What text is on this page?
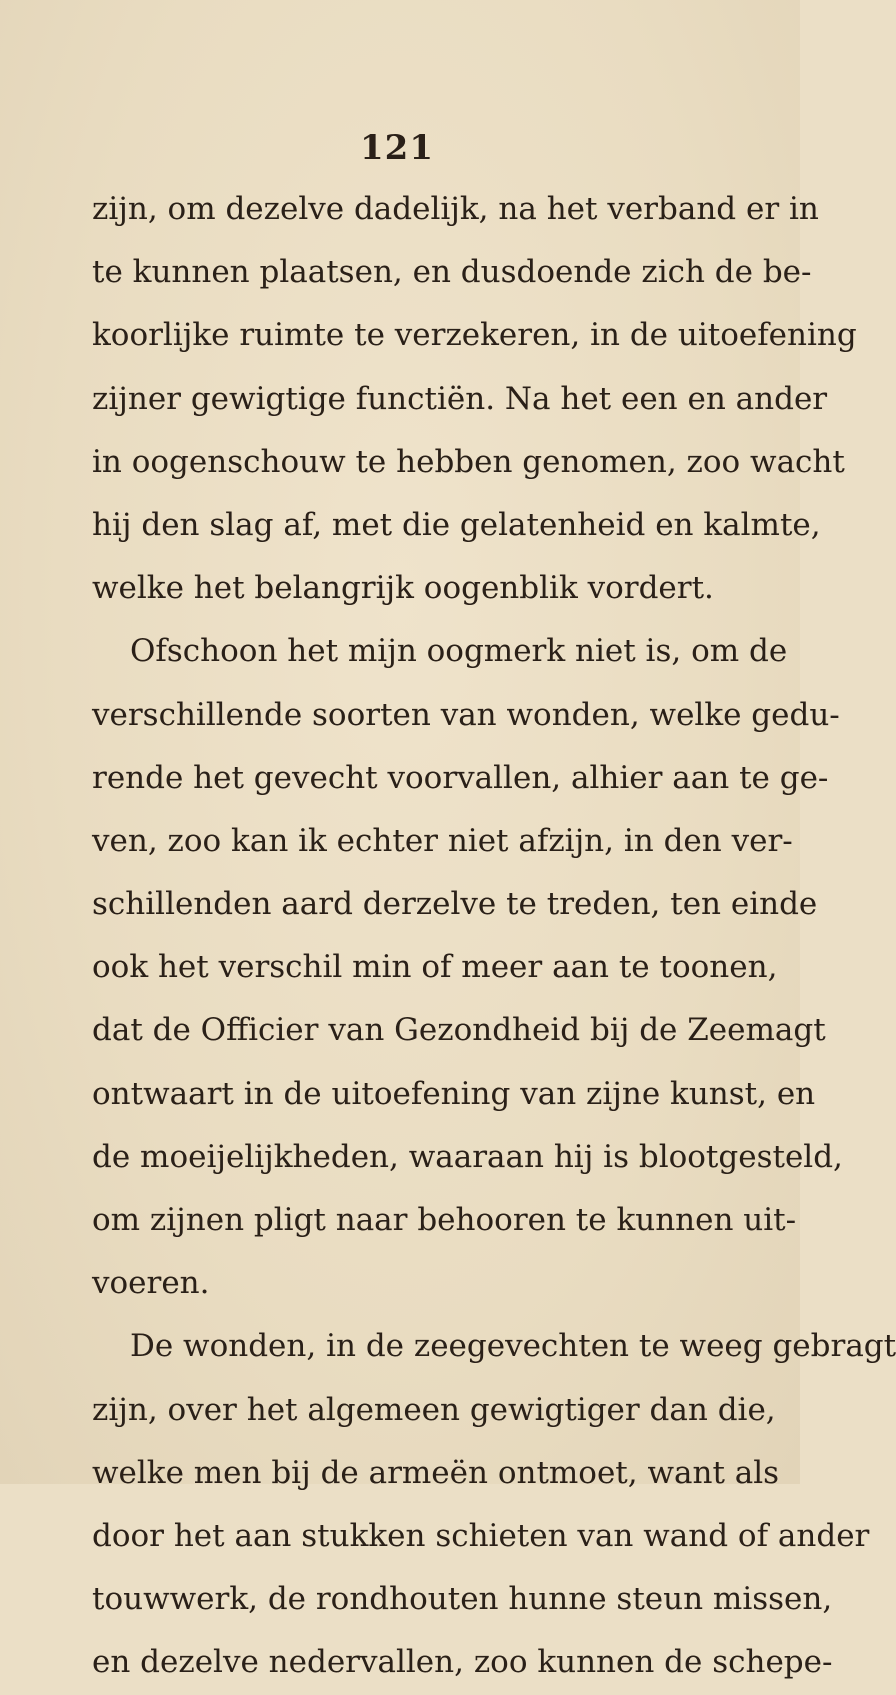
121
zijn, om dezelve dadelijk, na het verband er in
te kunnen plaatsen, en dusdoende zich de be-
koorlijke ruimte te verzekeren, in de uitoefening
zijner gewigtige functiën. Na het een en ander
in oogenschouw te hebben genomen, zoo wacht
hij den slag af, met die gelatenheid en kalmte,
welke het belangrijk oogenblik vordert.
Ofschoon het mijn oogmerk niet is, om de
verschillende soorten van wonden, welke gedu-
rende het gevecht voorvallen, alhier aan te ge-
ven, zoo kan ik echter niet afzijn, in den ver-
schillenden aard derzelve te treden, ten einde
ook het verschil min of meer aan te toonen,
dat de Officier van Gezondheid bij de Zeemagt
ontwaart in de uitoefening van zijne kunst, en
de moeijelijkheden, waaraan hij is blootgesteld,
om zijnen pligt naar behooren te kunnen uit-
voeren.
De wonden, in de zeegevechten te weeg gebragt
zijn, over het algemeen gewigtiger dan die,
welke men bij de armeën ontmoet, want als
door het aan stukken schieten van wand of ander
touwwerk, de rondhouten hunne steun missen,
en dezelve nedervallen, zoo kunnen de schepe-
